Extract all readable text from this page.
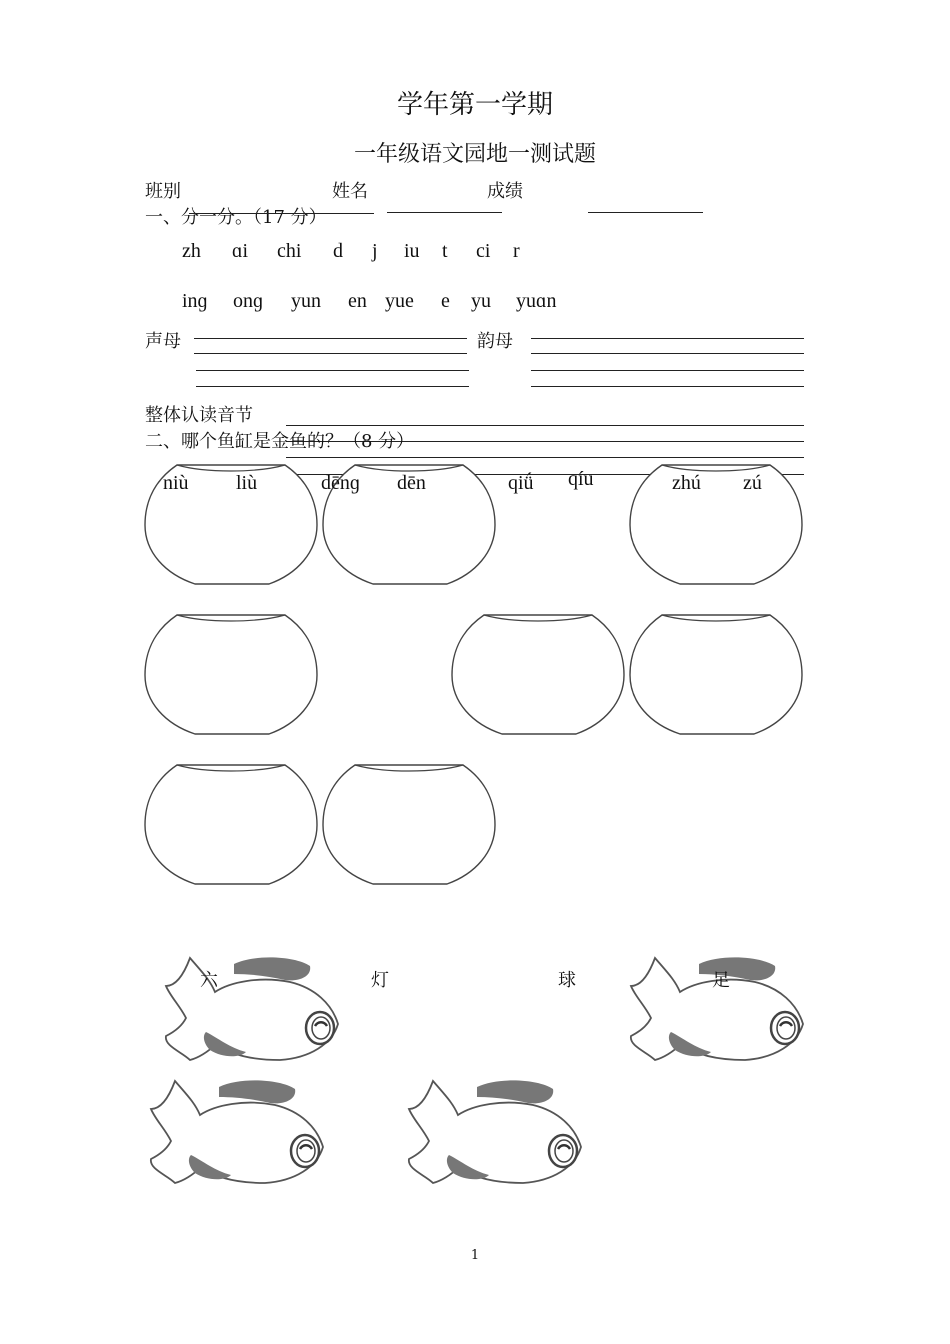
学年第一学期
一年级语文园地一测试题
班别	姓名	成绩
一、分一分。（17 分）
zh ɑi chi d j iu t ci r
inɡ onɡ yun en yue e yu yuɑn
声母	韵母
整体认读音节
二、哪个鱼缸是金鱼的？（8 分）
niù liù	dēnɡ dēn	qiǘ qíu	zhú zú
六	灯	球	足
1
